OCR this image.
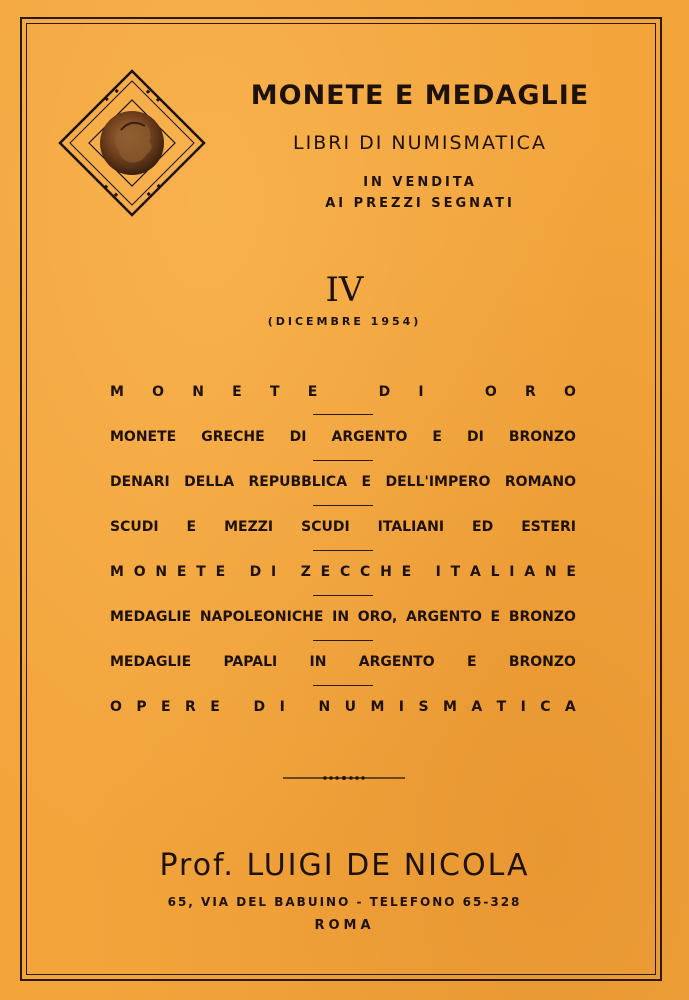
MONETE E MEDAGLIE
LIBRI DI NUMISMATICA
IN VENDITA
AI PREZZI SEGNATI
IV
(DICEMBRE 1954)
M O N E T E
	D I
	O R O
MONETE GRECHE DI ARGENTO E DI BRONZO
DENARI DELLA REPUBBLICA E DELL'IMPERO ROMANO
SCUDI E MEZZI SCUDI ITALIANI ED ESTERI
M O N E T E
D I
Z E C C H E
I T A L I A N E
MEDAGLIE NAPOLEONICHE IN ORO, ARGENTO E BRONZO
MEDAGLIE PAPALI IN ARGENTO E BRONZO
O P E R E
D I
N U M I S M A T I C A
Prof. LUIGI DE NICOLA
65, VIA DEL BABUINO - TELEFONO 65-328
ROMA
